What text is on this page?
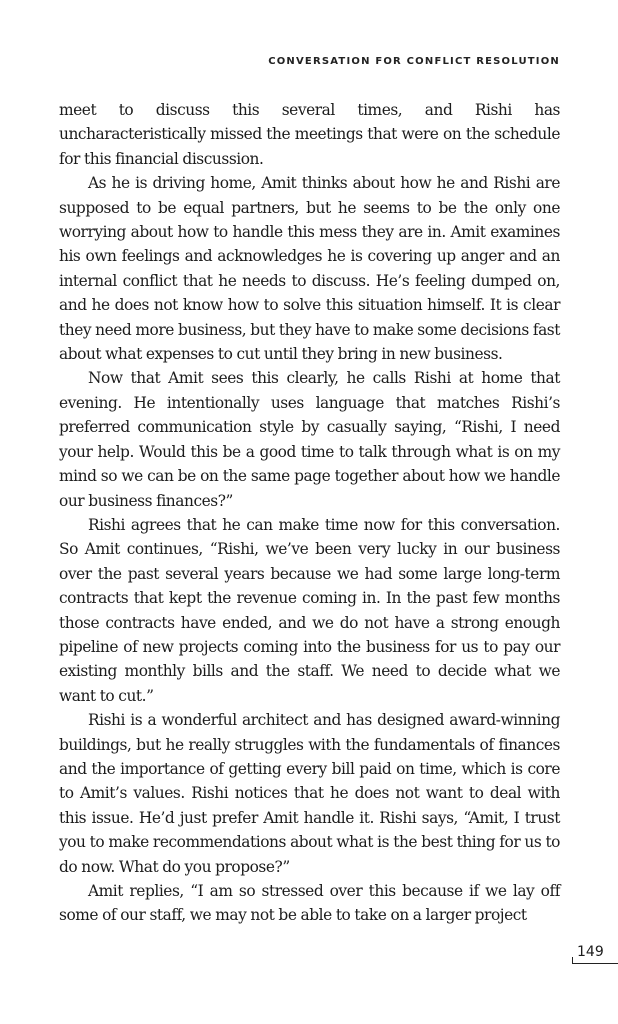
CONVERSATION FOR CONFLICT RESOLUTION

meet to discuss this several times, and Rishi has uncharacteristically missed the meetings that were on the schedule for this financial discussion.

As he is driving home, Amit thinks about how he and Rishi are supposed to be equal partners, but he seems to be the only one worrying about how to handle this mess they are in. Amit examines his own feelings and acknowledges he is covering up anger and an internal conflict that he needs to discuss. He’s feeling dumped on, and he does not know how to solve this situation himself. It is clear they need more business, but they have to make some decisions fast about what expenses to cut until they bring in new business.

Now that Amit sees this clearly, he calls Rishi at home that evening. He intentionally uses language that matches Rishi’s preferred communication style by casually saying, “Rishi, I need your help. Would this be a good time to talk through what is on my mind so we can be on the same page together about how we handle our business finances?”

Rishi agrees that he can make time now for this conversation. So Amit continues, “Rishi, we’ve been very lucky in our business over the past several years because we had some large long-term contracts that kept the revenue coming in. In the past few months those contracts have ended, and we do not have a strong enough pipeline of new projects coming into the business for us to pay our existing monthly bills and the staff. We need to decide what we want to cut.”

Rishi is a wonderful architect and has designed award-winning buildings, but he really struggles with the fundamentals of finances and the importance of getting every bill paid on time, which is core to Amit’s values. Rishi notices that he does not want to deal with this issue. He’d just prefer Amit handle it. Rishi says, “Amit, I trust you to make recommendations about what is the best thing for us to do now. What do you propose?”

Amit replies, “I am so stressed over this because if we lay off some of our staff, we may not be able to take on a larger project

149
